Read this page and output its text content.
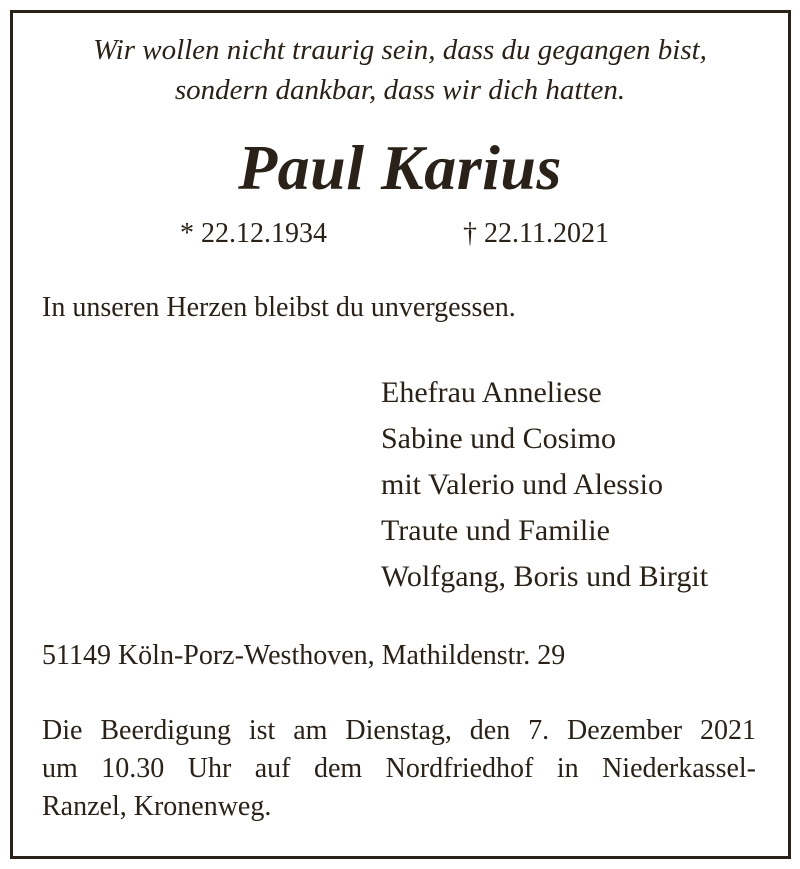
Wir wollen nicht traurig sein, dass du gegangen bist,
sondern dankbar, dass wir dich hatten.
Paul Karius
* 22.12.1934	† 22.11.2021
In unseren Herzen bleibst du unvergessen.
Ehefrau Anneliese
Sabine und Cosimo
mit Valerio und Alessio
Traute und Familie
Wolfgang, Boris und Birgit
51149 Köln-Porz-Westhoven, Mathildenstr. 29
Die Beerdigung ist am Dienstag, den 7. Dezember 2021
um 10.30 Uhr auf dem Nordfriedhof in Niederkassel-
Ranzel, Kronenweg.
